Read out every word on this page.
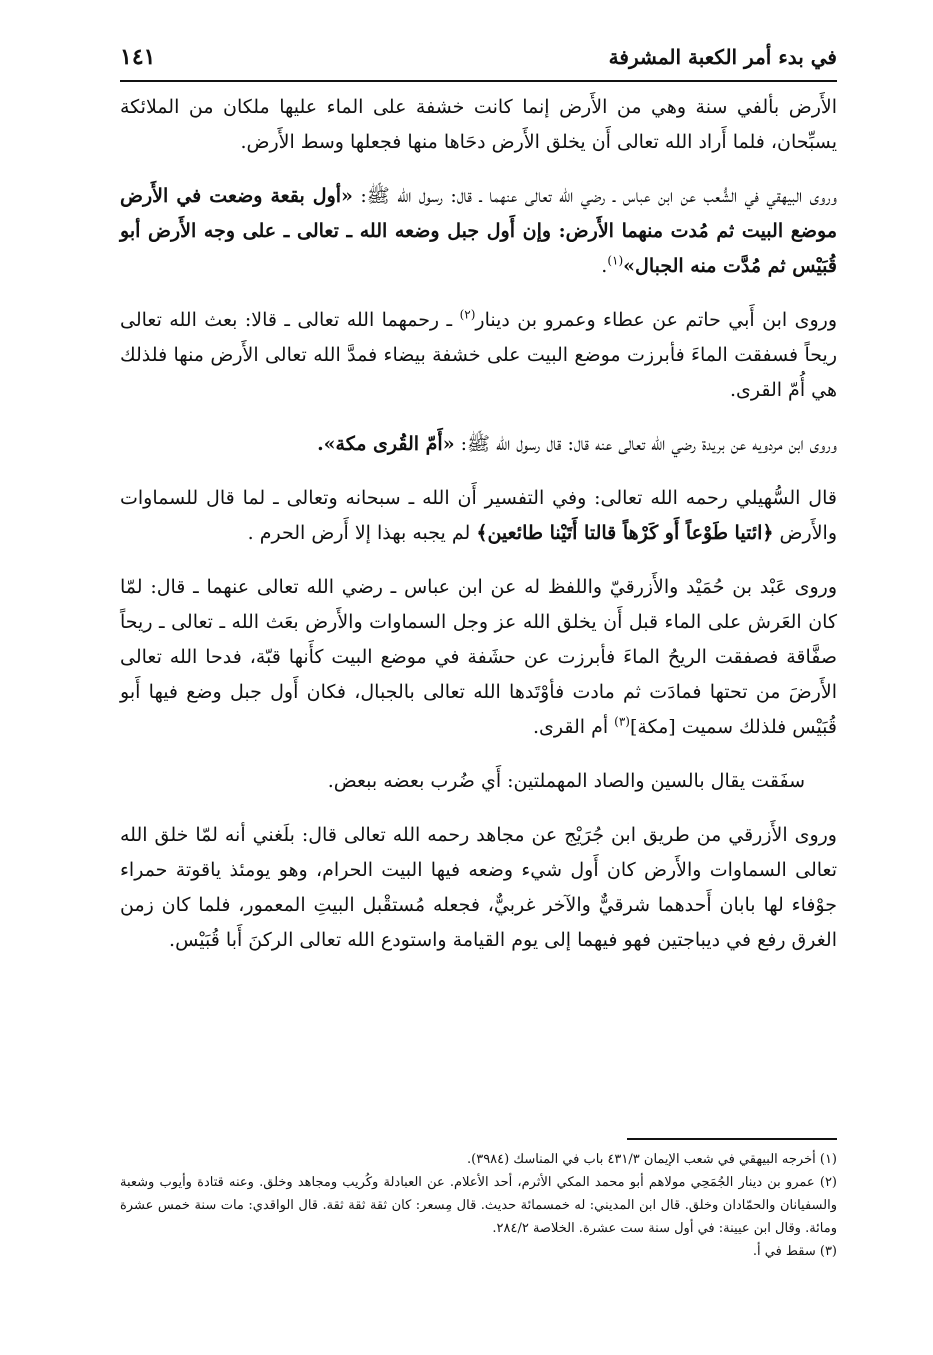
في بدء أمر الكعبة المشرفة
١٤١

الأَرض بألفي سنة وهي من الأَرض إنما كانت خشفة على الماء عليها ملكان من الملائكة يسبِّحان، فلما أَراد الله تعالى أَن يخلق الأَرض دحَاها منها فجعلها وسط الأَرض.

وروى البيهقي في الشُّعب عن ابن عباس ـ رضي الله تعالى عنهما ـ قال: رسول الله ﷺ: «أول بقعة وضعت في الأَرض موضع البيت ثم مُدت منهما الأَرض: وإن أَول جبل وضعه الله ـ تعالى ـ على وجه الأَرض أبو قُبَيْس ثم مُدَّت منه الجبال»$^{(١)}$.

وروى ابن أَبي حاتم عن عطاء وعمرو بن دينار$^{(٢)}$ ـ رحمهما الله تعالى ـ قالا: بعث الله تعالى ريحاً فسفقت الماءَ فأبرزت موضع البيت على خشفة بيضاء فمدَّ الله تعالى الأَرض منها فلذلك هي أُمّ القرى.

وروى ابن مردويه عن بريدة رضي الله تعالى عنه قال: قال رسول الله ﷺ: «أَمّ القُرى مكة».

قال السُّهيلي رحمه الله تعالى: وفي التفسير أَن الله ـ سبحانه وتعالى ـ لما قال للسماوات والأَرض ﴿ائتيا طَوْعاً أَو كَرْهاً قالتا أَتَيْنا طائعين﴾ لم يجبه بهذا إلا أَرض الحرم .

وروى عَبْد بن حُمَيْد والأَزرقيّ واللفظ له عن ابن عباس ـ رضي الله تعالى عنهما ـ قال: لمّا كان العَرش على الماء قبل أَن يخلق الله عز وجل السماوات والأَرض بعَث الله ـ تعالى ـ ريحاً صفَّاقة فصفقت الريحُ الماءَ فأبرزت عن حشَفة في موضع البيت كأَنها قبّة، فدحا الله تعالى الأَرضَ من تحتها فمادَت ثم مادت فأوْتَدها الله تعالى بالجبال، فكان أَول جبل وضع فيها أَبو قُبَيْس فلذلك سميت [مكة]$^{(٣)}$ أم القرى.

سفَقت يقال بالسين والصاد المهملتين: أَي ضُرب بعضه ببعض.

وروى الأَزرقي من طريق ابن جُرَيْج عن مجاهد رحمه الله تعالى قال: بلَغني أنه لمّا خلق الله تعالى السماوات والأَرض كان أَول شيء وضعه فيها البيت الحرام، وهو يومئذ ياقوتة حمراء جوْفاء لها بابان أَحدهما شرقيٌّ والآخر غربيٌّ، فجعله مُستقْبل البيتِ المعمور، فلما كان زمن الغرق رفع في ديباجتين فهو فيهما إلى يوم القيامة واستودع الله تعالى الركنَ أَبا قُبَيْس.

(١) أخرجه البيهقي في شعب الإيمان ٤٣١/٣ باب في المناسك (٣٩٨٤).

(٢) عمرو بن دينار الجُمَحِي مولاهم أبو محمد المكي الأثرم، أحد الأعلام. عن العبادلة وكُريب ومجاهد وخلق. وعنه قتادة وأيوب وشعبة والسفيانان والحمّادان وخلق. قال ابن المديني: له خمسمائة حديث. قال مِسعر: كان ثقة ثقة ثقة. قال الواقدي: مات سنة خمس عشرة ومائة. وقال ابن عيينة: في أول سنة ست عشرة. الخلاصة ٢٨٤/٢.

(٣) سقط في أ.
